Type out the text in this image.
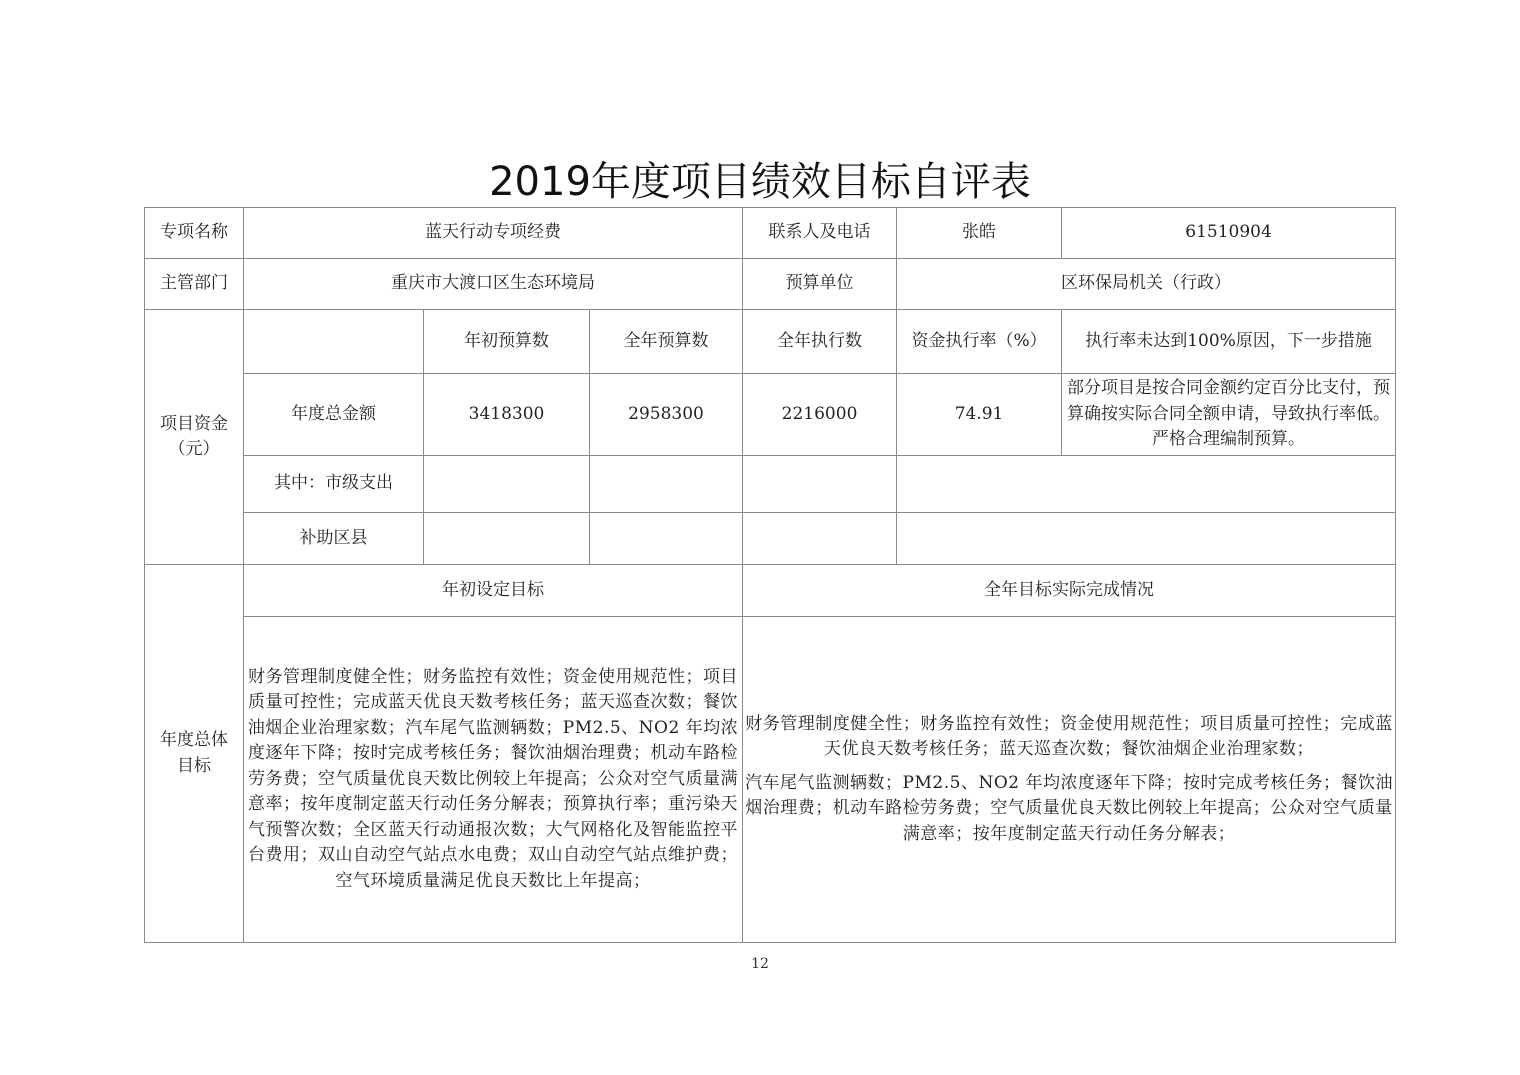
2019年度项目绩效目标自评表
专项名称	蓝天行动专项经费			联系人及电话	张皓	61510904
主管部门	重庆市大渡口区生态环境局			预算单位	区环保局机关（行政）	

项目资金
（元）		年初预算数	全年预算数	全年执行数	资金执行率（%）	执行率未达到100%原因，下一步措施
	年度总金额	3418300	2958300	2216000	74.91	部分项目是按合同金额约定百分比支付，预算确按实际合同全额申请，导致执行率低。严格合理编制预算。
	其中：市级支出					
	补助区县					

年度总体
目标	年初设定目标			全年目标实际完成情况		
	财务管理制度健全性；财务监控有效性；资金使用规范性；项目质量可控性；完成蓝天优良天数考核任务；蓝天巡查次数；餐饮油烟企业治理家数；汽车尾气监测辆数；PM2.5、NO2 年均浓度逐年下降；按时完成考核任务；餐饮油烟治理费；机动车路检劳务费；空气质量优良天数比例较上年提高；公众对空气质量满意率；按年度制定蓝天行动任务分解表；预算执行率；重污染天气预警次数；全区蓝天行动通报次数；大气网格化及智能监控平台费用；双山自动空气站点水电费；双山自动空气站点维护费；空气环境质量满足优良天数比上年提高；			财务管理制度健全性；财务监控有效性；资金使用规范性；项目质量可控性；完成蓝天优良天数考核任务；蓝天巡查次数；餐饮油烟企业治理家数；
汽车尾气监测辆数；PM2.5、NO2 年均浓度逐年下降；按时完成考核任务；餐饮油烟治理费；机动车路检劳务费；空气质量优良天数比例较上年提高；公众对空气质量满意率；按年度制定蓝天行动任务分解表；		
12
